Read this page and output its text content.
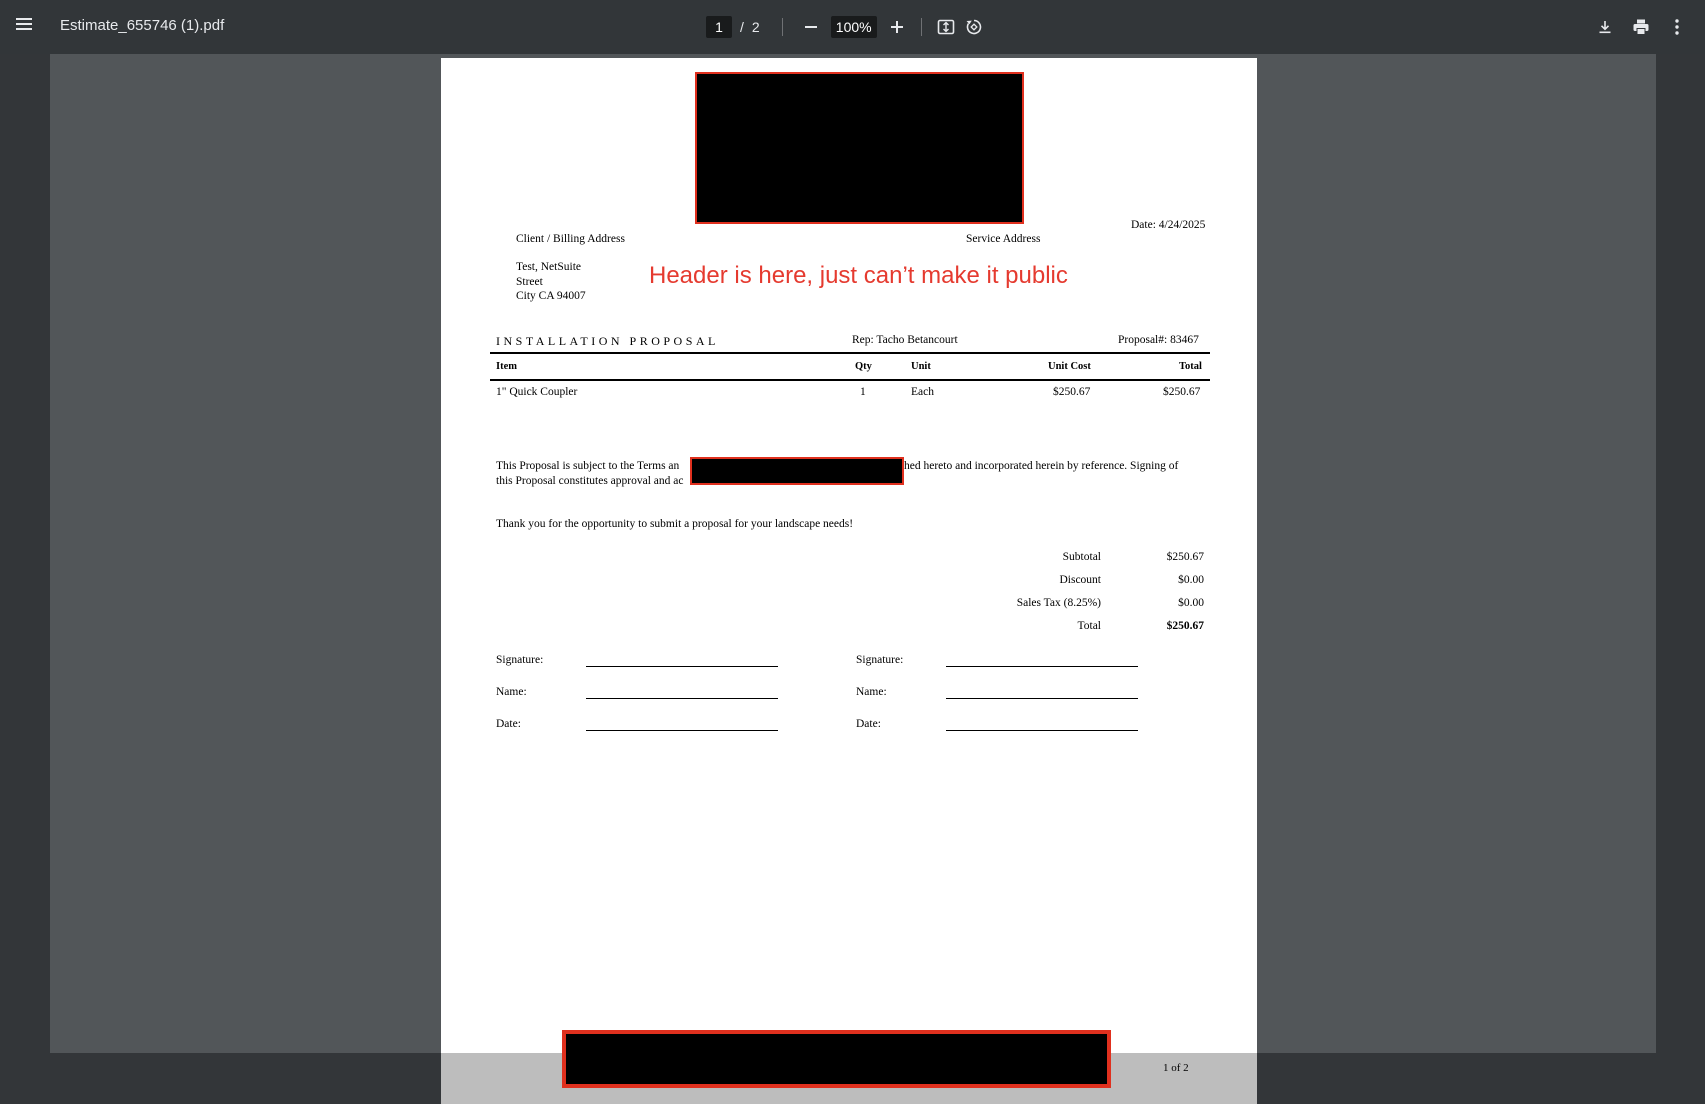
Estimate_655746 (1).pdf
1	/ 2
100%
Date: 4/24/2025
Client / Billing Address	Service Address
Test, NetSuite
Street
City CA 94007
Header is here, just can’t make it public
INSTALLATION PROPOSAL	Rep: Tacho Betancourt	Proposal#: 83467
Item	Qty	Unit	Unit Cost	Total
1" Quick Coupler	1	Each	$250.67	$250.67
This Proposal is subject to the Terms an	hed hereto and incorporated herein by reference. Signing of
this Proposal constitutes approval and ac
Thank you for the opportunity to submit a proposal for your landscape needs!
Subtotal	$250.67
Discount	$0.00
Sales Tax (8.25%)	$0.00
Total	$250.67
Signature:	Signature:
Name:	Name:
Date:	Date:
1 of 2
